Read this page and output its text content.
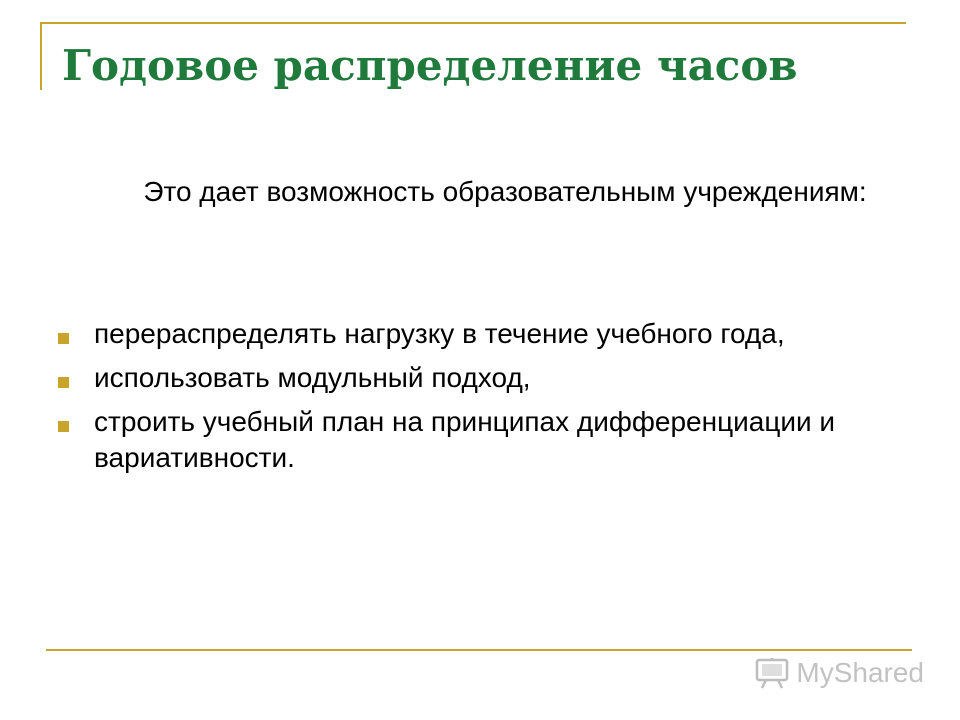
Годовое распределение часов

Это дает возможность образовательным учреждениям:

перераспределять нагрузку в течение учебного года,
использовать модульный подход,
строить учебный план на принципах дифференциации и вариативности.
MyShared
